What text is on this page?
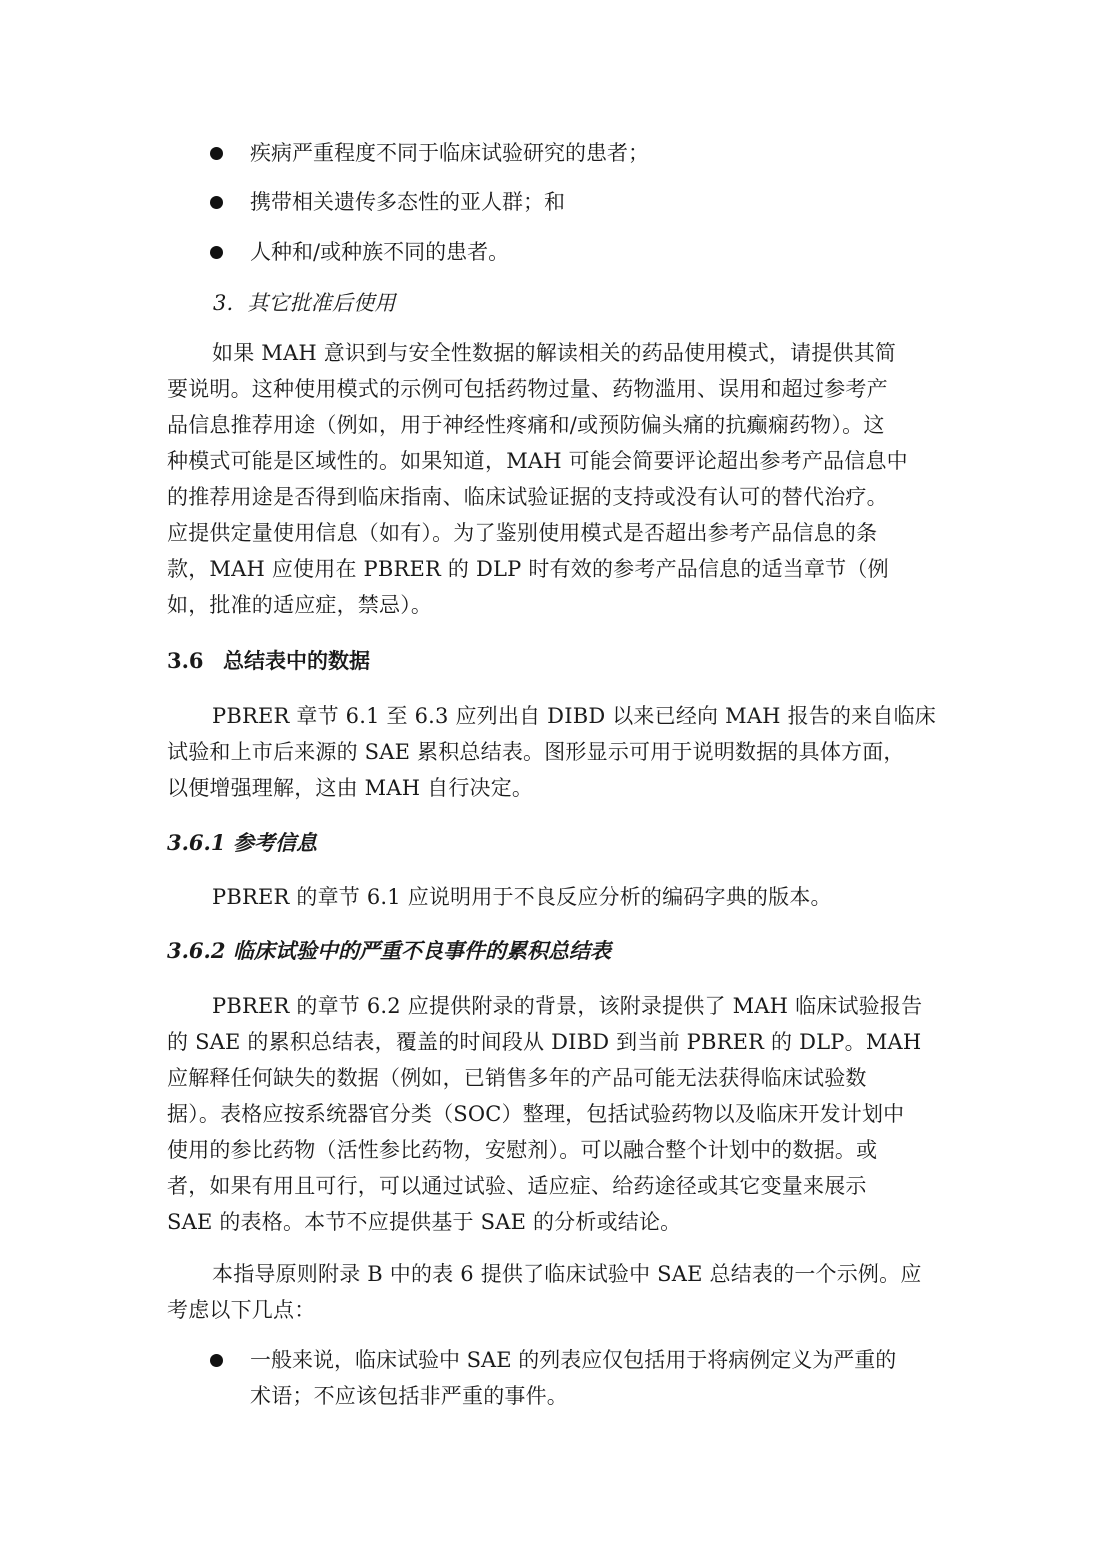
疾病严重程度不同于临床试验研究的患者；
携带相关遗传多态性的亚人群；和
人种和/或种族不同的患者。
3. 其它批准后使用
如果 MAH 意识到与安全性数据的解读相关的药品使用模式，请提供其简
要说明。这种使用模式的示例可包括药物过量、药物滥用、误用和超过参考产
品信息推荐用途（例如，用于神经性疼痛和/或预防偏头痛的抗癫痫药物）。这
种模式可能是区域性的。如果知道，MAH 可能会简要评论超出参考产品信息中
的推荐用途是否得到临床指南、临床试验证据的支持或没有认可的替代治疗。
应提供定量使用信息（如有）。为了鉴别使用模式是否超出参考产品信息的条
款，MAH 应使用在 PBRER 的 DLP 时有效的参考产品信息的适当章节（例
如，批准的适应症，禁忌）。
3.6 总结表中的数据
PBRER 章节 6.1 至 6.3 应列出自 DIBD 以来已经向 MAH 报告的来自临床
试验和上市后来源的 SAE 累积总结表。图形显示可用于说明数据的具体方面，
以便增强理解，这由 MAH 自行决定。
3.6.1 参考信息
PBRER 的章节 6.1 应说明用于不良反应分析的编码字典的版本。
3.6.2 临床试验中的严重不良事件的累积总结表
PBRER 的章节 6.2 应提供附录的背景，该附录提供了 MAH 临床试验报告
的 SAE 的累积总结表，覆盖的时间段从 DIBD 到当前 PBRER 的 DLP。MAH
应解释任何缺失的数据（例如，已销售多年的产品可能无法获得临床试验数
据）。表格应按系统器官分类（SOC）整理，包括试验药物以及临床开发计划中
使用的参比药物（活性参比药物，安慰剂）。可以融合整个计划中的数据。或
者，如果有用且可行，可以通过试验、适应症、给药途径或其它变量来展示
SAE 的表格。本节不应提供基于 SAE 的分析或结论。
本指导原则附录 B 中的表 6 提供了临床试验中 SAE 总结表的一个示例。应
考虑以下几点：
一般来说，临床试验中 SAE 的列表应仅包括用于将病例定义为严重的
术语；不应该包括非严重的事件。
